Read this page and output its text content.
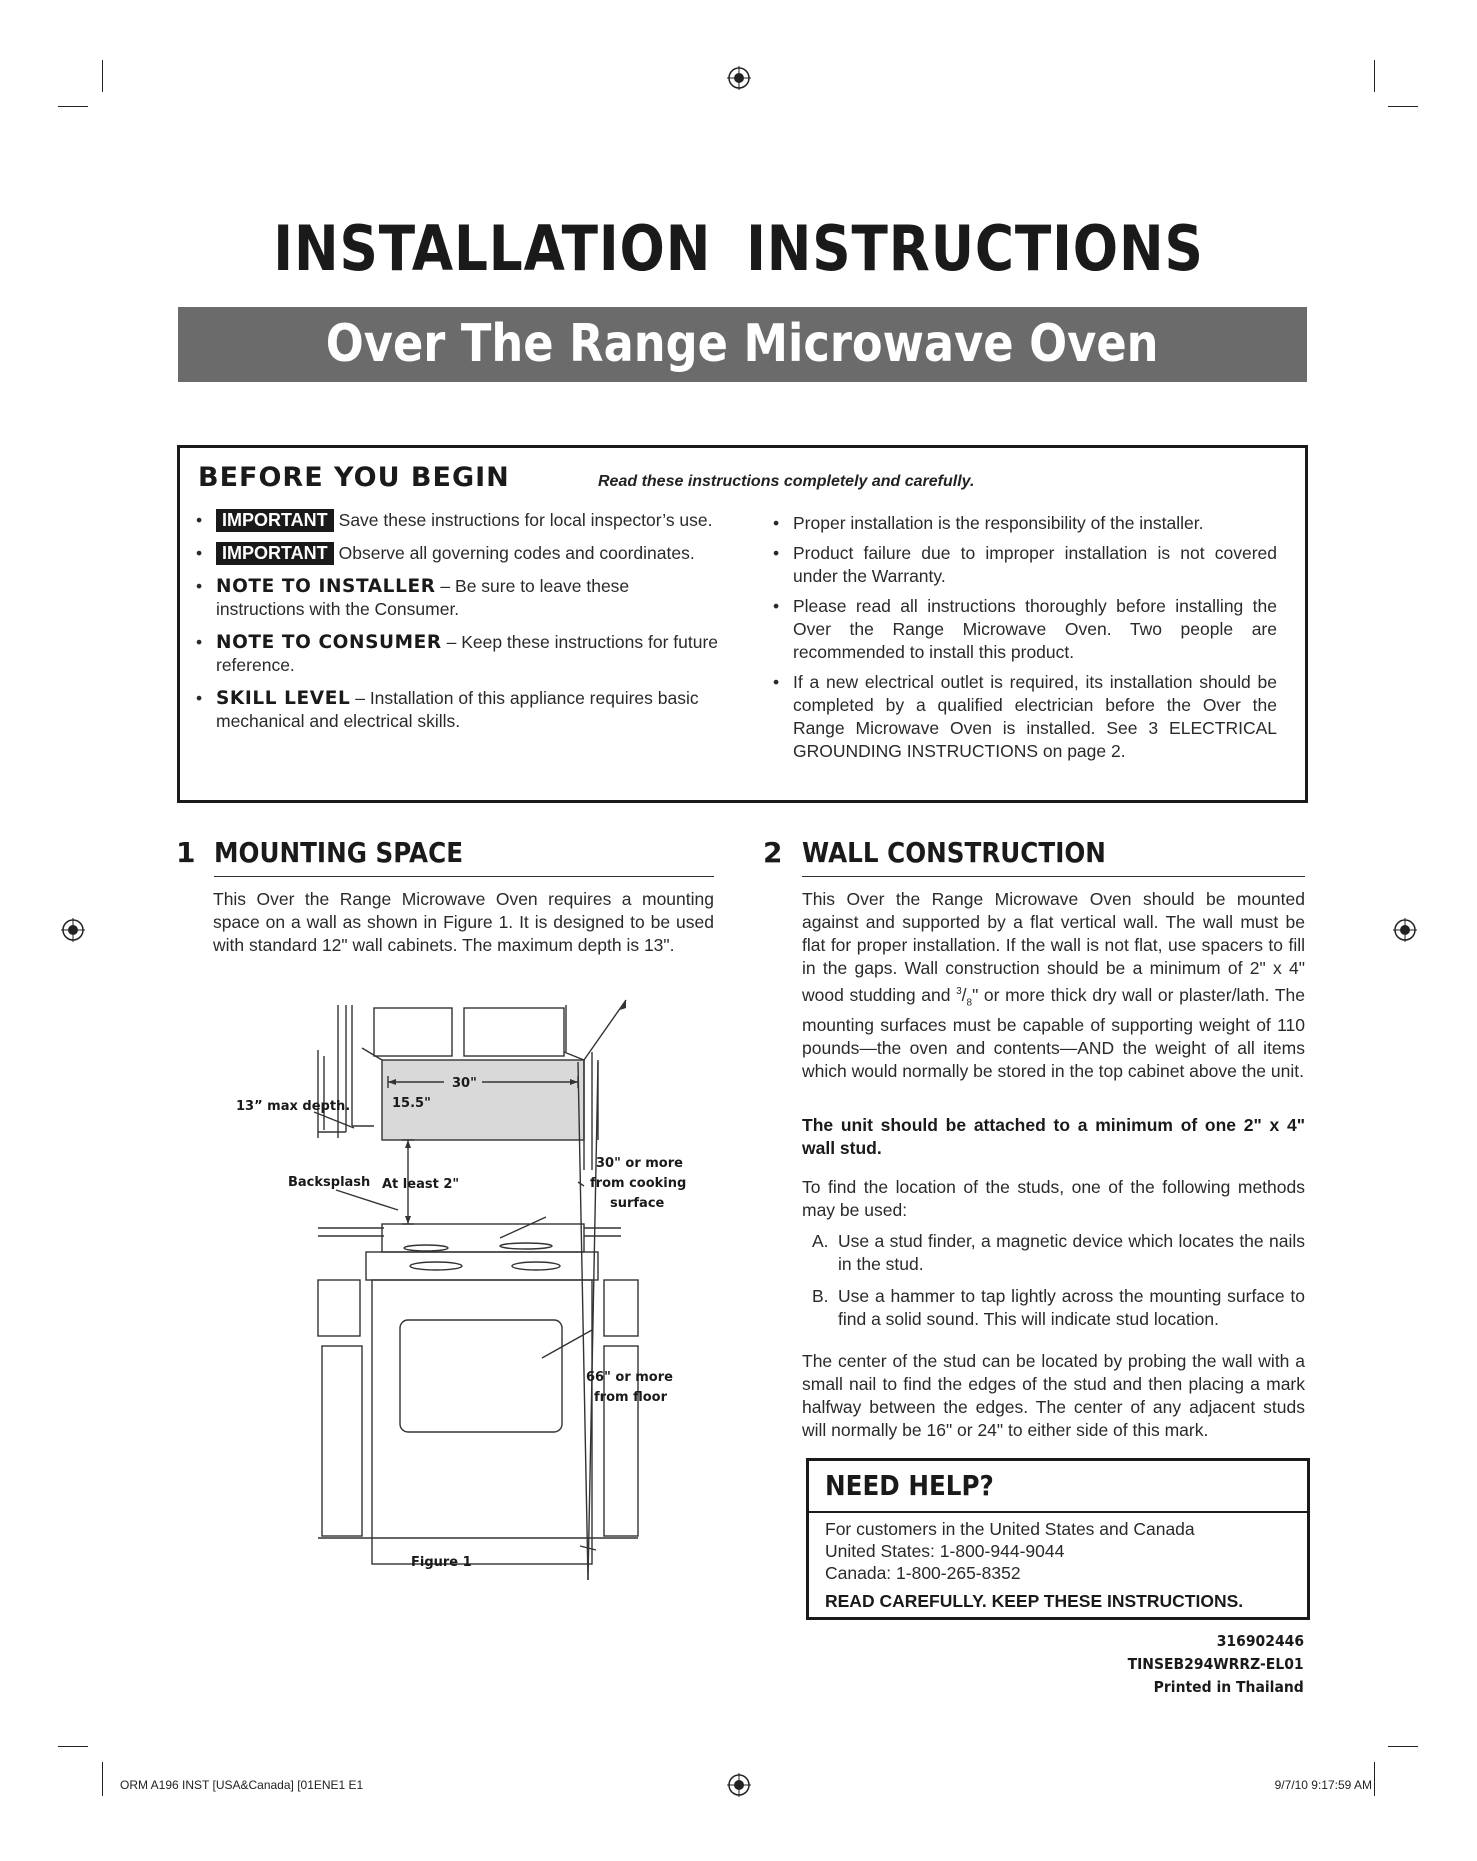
INSTALLATION INSTRUCTIONS
Over The Range Microwave Oven
BEFORE YOU BEGIN	Read these instructions completely and carefully.
• IMPORTANT Save these instructions for local inspector’s use.
• IMPORTANT Observe all governing codes and coordinates.
• NOTE TO INSTALLER – Be sure to leave these instructions with the Consumer.
• NOTE TO CONSUMER – Keep these instructions for future reference.
• SKILL LEVEL – Installation of this appliance requires basic mechanical and electrical skills.
• Proper installation is the responsibility of the installer.
• Product failure due to improper installation is not covered under the Warranty.
• Please read all instructions thoroughly before installing the Over the Range Microwave Oven. Two people are recommended to install this product.
• If a new electrical outlet is required, its installation should be completed by a qualified electrician before the Over the Range Microwave Oven is installed. See 3 ELECTRICAL GROUNDING INSTRUCTIONS on page 2.
1 MOUNTING SPACE

This Over the Range Microwave Oven requires a mounting space on a wall as shown in Figure 1. It is designed to be used with standard 12" wall cabinets. The maximum depth is 13".

13” max depth.
30"
15.5"
Backsplash At least 2"
30" or more
from cooking
surface
66" or more
from floor
Figure 1
2 WALL CONSTRUCTION

This Over the Range Microwave Oven should be mounted against and supported by a flat vertical wall. The wall must be flat for proper installation. If the wall is not flat, use spacers to fill in the gaps. Wall construction should be a minimum of 2" x 4" wood studding and $^3/_8$" or more thick dry wall or plaster/lath. The mounting surfaces must be capable of supporting weight of 110 pounds—the oven and contents—AND the weight of all items which would normally be stored in the top cabinet above the unit.

The unit should be attached to a minimum of one 2" x 4" wall stud.

To find the location of the studs, one of the following methods may be used:

A. Use a stud finder, a magnetic device which locates the nails in the stud.
B. Use a hammer to tap lightly across the mounting surface to find a solid sound. This will indicate stud location.

The center of the stud can be located by probing the wall with a small nail to find the edges of the stud and then placing a mark halfway between the edges. The center of any adjacent studs will normally be 16" or 24" to either side of this mark.

NEED HELP?
For customers in the United States and Canada
United States: 1-800-944-9044
Canada: 1-800-265-8352
READ CAREFULLY. KEEP THESE INSTRUCTIONS.
316902446
TINSEB294WRRZ-EL01
Printed in Thailand
ORM A196 INST [USA&Canada] [01ENE1 E1	9/7/10 9:17:59 AM
